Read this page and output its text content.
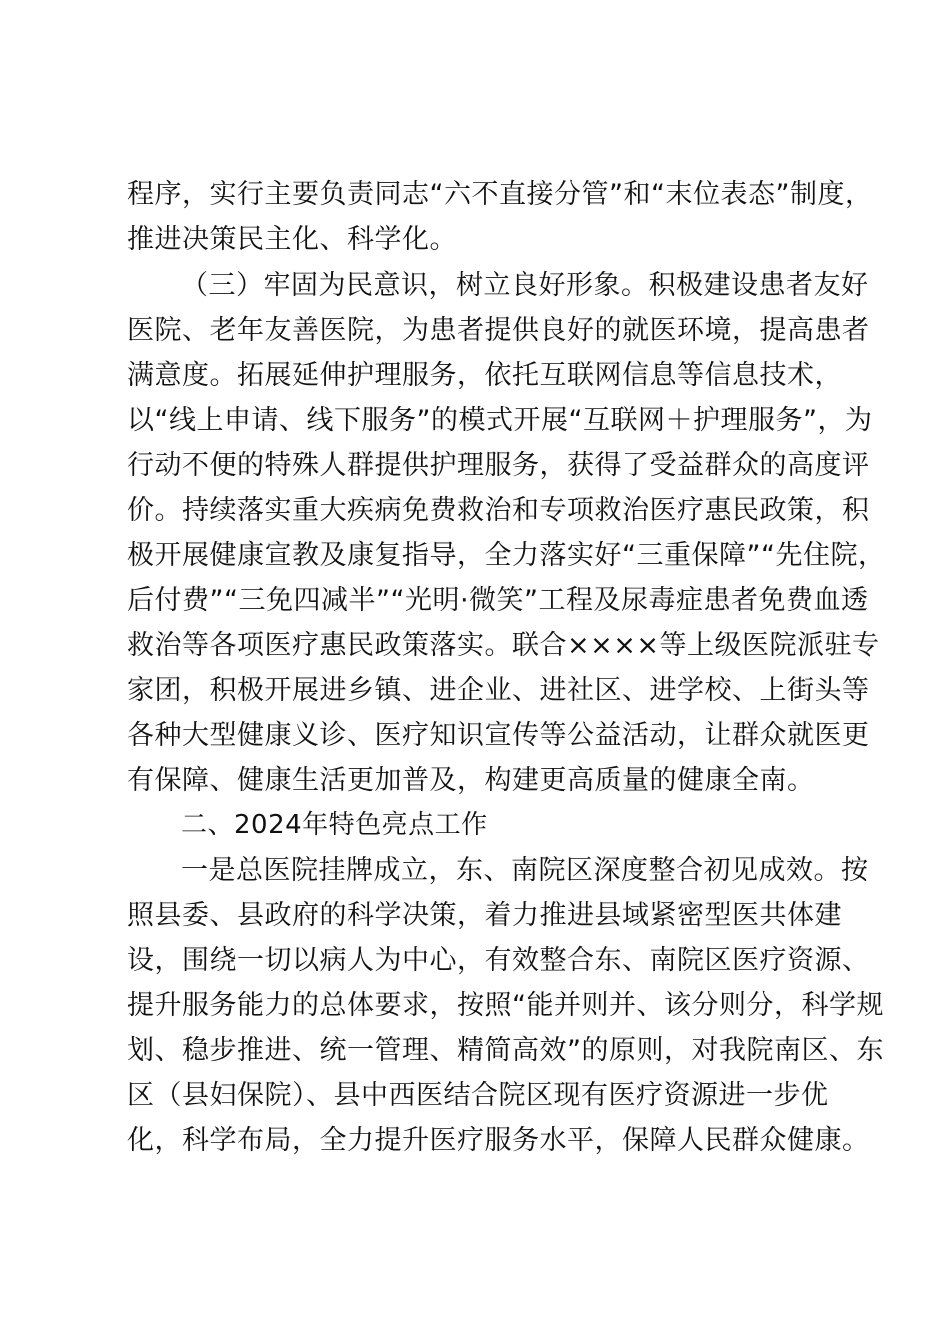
程序，实行主要负责同志“六不直接分管”和“末位表态”制度，
推进决策民主化、科学化。
（三）牢固为民意识，树立良好形象。积极建设患者友好
医院、老年友善医院，为患者提供良好的就医环境，提高患者
满意度。拓展延伸护理服务，依托互联网信息等信息技术，
以“线上申请、线下服务”的模式开展“互联网＋护理服务”，为
行动不便的特殊人群提供护理服务，获得了受益群众的高度评
价。持续落实重大疾病免费救治和专项救治医疗惠民政策，积
极开展健康宣教及康复指导，全力落实好“三重保障”“先住院，
后付费”“三免四减半”“光明·微笑”工程及尿毒症患者免费血透
救治等各项医疗惠民政策落实。联合××××等上级医院派驻专
家团，积极开展进乡镇、进企业、进社区、进学校、上街头等
各种大型健康义诊、医疗知识宣传等公益活动，让群众就医更
有保障、健康生活更加普及，构建更高质量的健康全南。
二、2024年特色亮点工作
一是总医院挂牌成立，东、南院区深度整合初见成效。按
照县委、县政府的科学决策，着力推进县域紧密型医共体建
设，围绕一切以病人为中心，有效整合东、南院区医疗资源、
提升服务能力的总体要求，按照“能并则并、该分则分，科学规
划、稳步推进、统一管理、精简高效”的原则，对我院南区、东
区（县妇保院）、县中西医结合院区现有医疗资源进一步优
化，科学布局，全力提升医疗服务水平，保障人民群众健康。
